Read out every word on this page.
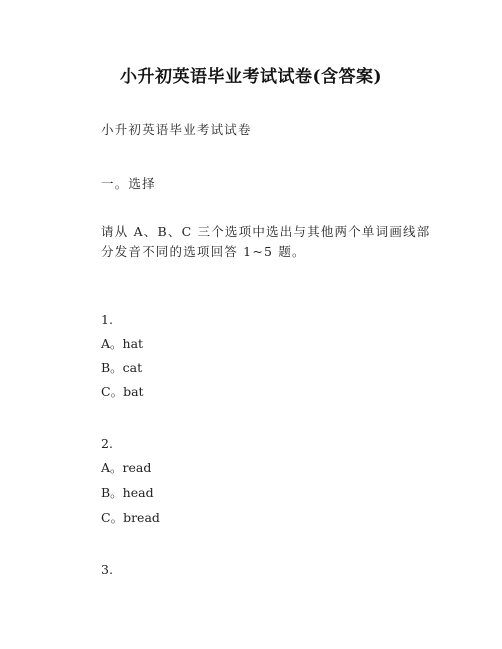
小升初英语毕业考试试卷(含答案)
小升初英语毕业考试试卷
一。选择
请从 A、B、C 三个选项中选出与其他两个单词画线部分发音不同的选项回答 1~5 题。
1.
A。hat
B。cat
C。bat
2.
A。read
B。head
C。bread
3.
